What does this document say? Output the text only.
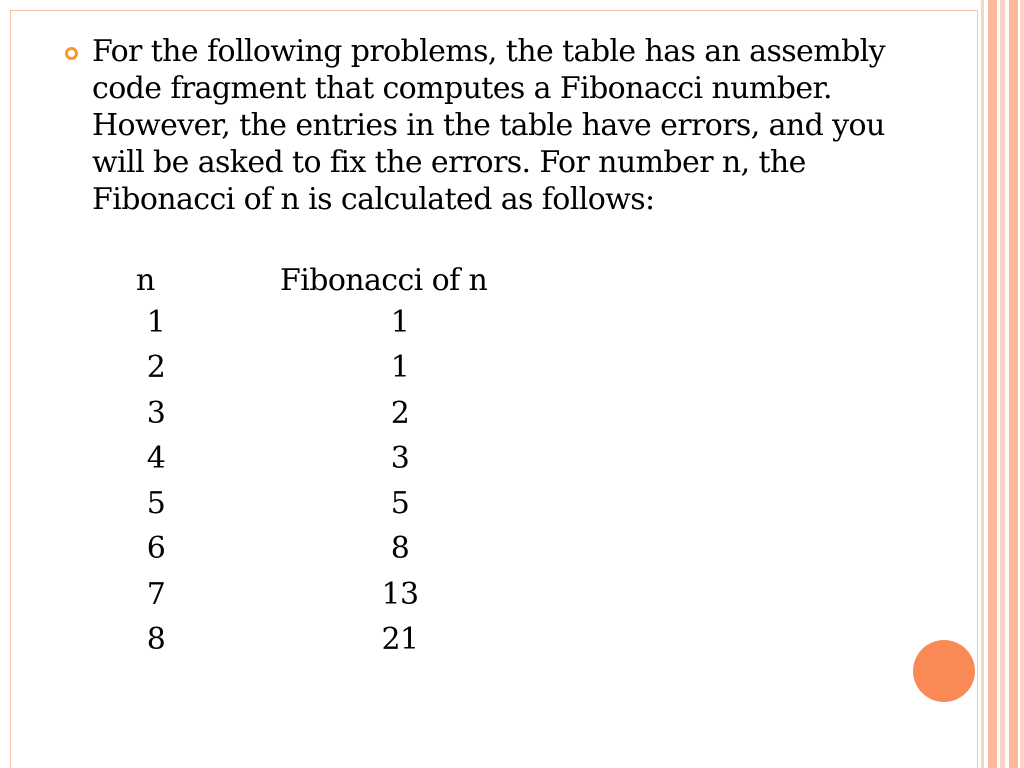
For the following problems, the table has an assembly code fragment that computes a Fibonacci number. However, the entries in the table have errors, and you will be asked to fix the errors. For number n, the Fibonacci of n is calculated as follows:

n	Fibonacci of n
1	1
2	1
3	2
4	3
5	5
6	8
7	13
8	21
